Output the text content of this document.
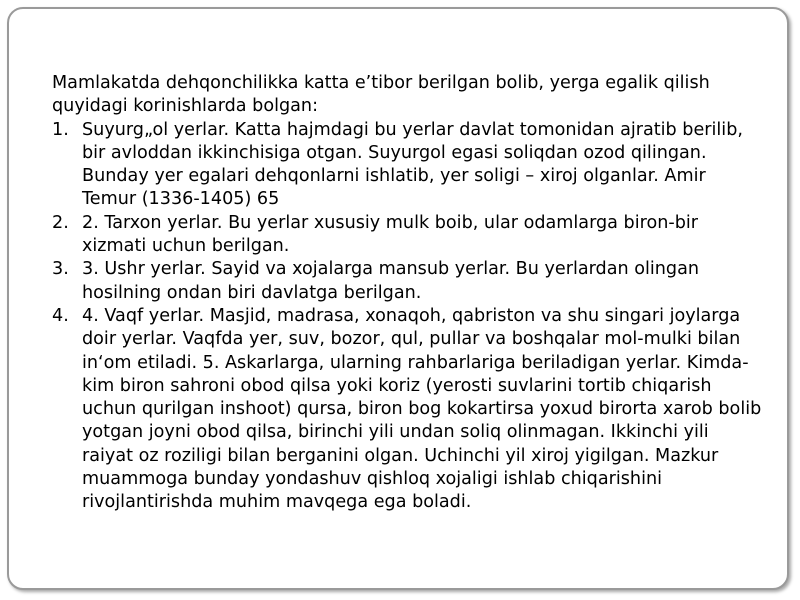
Mamlakatda dehqonchilikka katta e’tibor berilgan bolib, yerga egalik qilish quyidagi korinishlarda bolgan:

1. Suyurg„ol yerlar. Katta hajmdagi bu yerlar davlat tomonidan ajratib berilib, bir avloddan ikkinchisiga otgan. Suyurgol egasi soliqdan ozod qilingan. Bunday yer egalari dehqonlarni ishlatib, yer soligi – xiroj olganlar. Amir Temur (1336-1405) 65
2. 2. Tarxon yerlar. Bu yerlar xususiy mulk boib, ular odamlarga biron-bir xizmati uchun berilgan.
3. 3. Ushr yerlar. Sayid va xojalarga mansub yerlar. Bu yerlardan olingan hosilning ondan biri davlatga berilgan.
4. 4. Vaqf yerlar. Masjid, madrasa, xonaqoh, qabriston va shu singari joylarga doir yerlar. Vaqfda yer, suv, bozor, qul, pullar va boshqalar mol-mulki bilan in‘om etiladi. 5. Askarlarga, ularning rahbarlariga beriladigan yerlar. Kimda-kim biron sahroni obod qilsa yoki koriz (yerosti suvlarini tortib chiqarish uchun qurilgan inshoot) qursa, biron bog kokartirsa yoxud birorta xarob bolib yotgan joyni obod qilsa, birinchi yili undan soliq olinmagan. Ikkinchi yili raiyat oz roziligi bilan berganini olgan. Uchinchi yil xiroj yigilgan. Mazkur muammoga bunday yondashuv qishloq xojaligi ishlab chiqarishini rivojlantirishda muhim mavqega ega boladi.
